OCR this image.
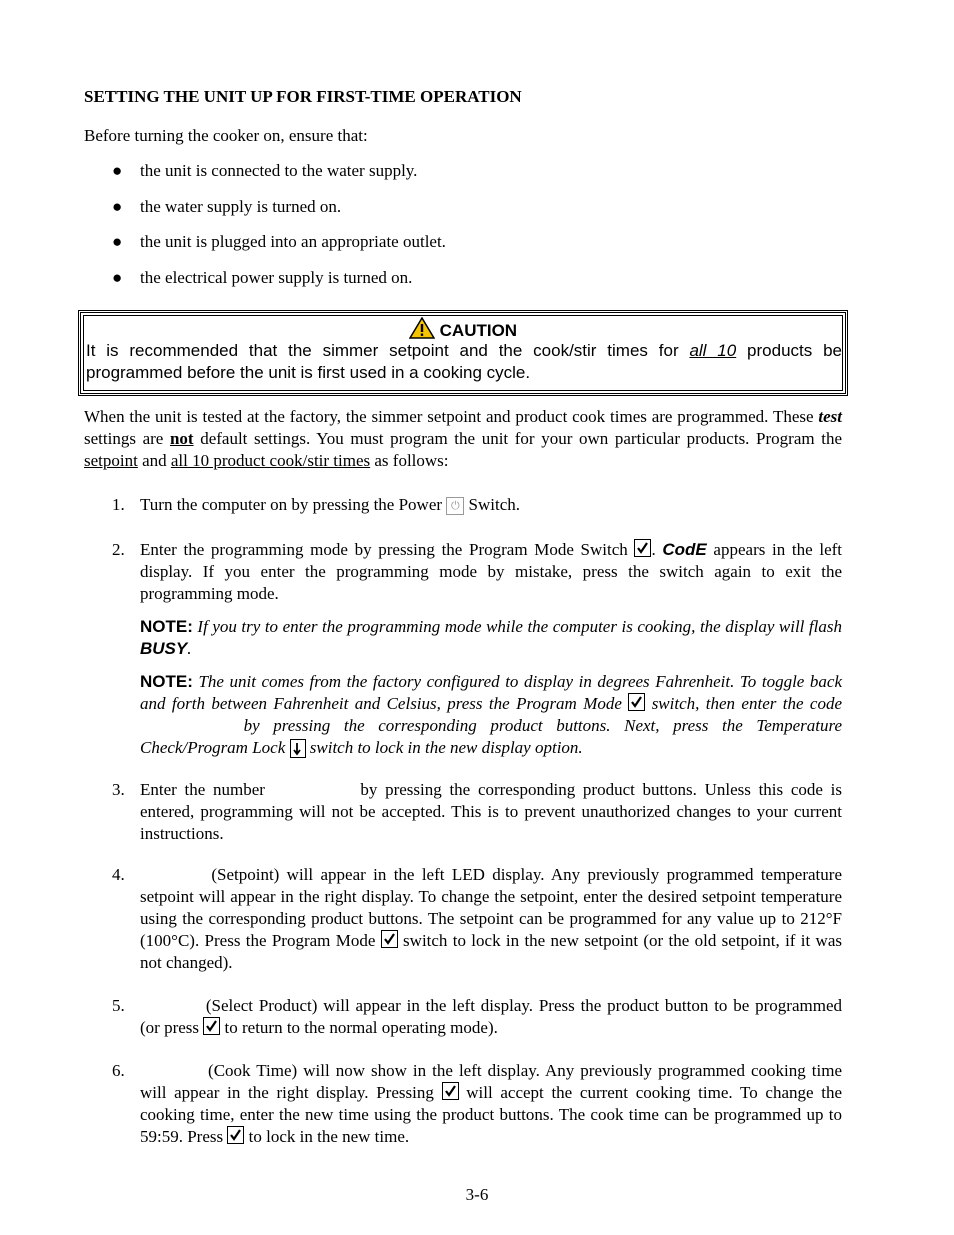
SETTING THE UNIT UP FOR FIRST-TIME OPERATION
Before turning the cooker on, ensure that:
● the unit is connected to the water supply.
● the water supply is turned on.
● the unit is plugged into an appropriate outlet.
● the electrical power supply is turned on.
CAUTION
It is recommended that the simmer setpoint and the cook/stir times for all 10 products be programmed before the unit is first used in a cooking cycle.
When the unit is tested at the factory, the simmer setpoint and product cook times are programmed. These test settings are not default settings. You must program the unit for your own particular products. Program the setpoint and all 10 product cook/stir times as follows:
1. Turn the computer on by pressing the Power ⏻ Switch.
2. Enter the programming mode by pressing the Program Mode Switch
. CodE appears in the left display. If you enter the programming mode by mistake, press the switch again to exit the programming mode.
NOTE: If you try to enter the programming mode while the computer is cooking, the display will flash BUSY.
NOTE: The unit comes from the factory configured to display in degrees Fahrenheit. To toggle back and forth between Fahrenheit and Celsius, press the Program Mode
switch, then enter the code  by pressing the corresponding product buttons. Next, press the Temperature Check/Program Lock  switch to lock in the new display option.
3. Enter the number	by pressing the corresponding product buttons. Unless this code is entered, programming will not be accepted. This is to prevent unauthorized changes to your current instructions.
4.	(Setpoint) will appear in the left LED display. Any previously programmed temperature setpoint will appear in the right display. To change the setpoint, enter the desired setpoint temperature using the corresponding product buttons. The setpoint can be programmed for any value up to 212°F (100°C). Press the Program Mode
switch to lock in the new setpoint (or the old setpoint, if it was not changed).
5.	(Select Product) will appear in the left display. Press the product button to be programmed (or press
to return to the normal operating mode).
6.	(Cook Time) will now show in the left display. Any previously programmed cooking time will appear in the right display. Pressing
will accept the current cooking time. To change the cooking time, enter the new time using the product buttons. The cook time can be programmed up to 59:59. Press
to lock in the new time.
3-6
